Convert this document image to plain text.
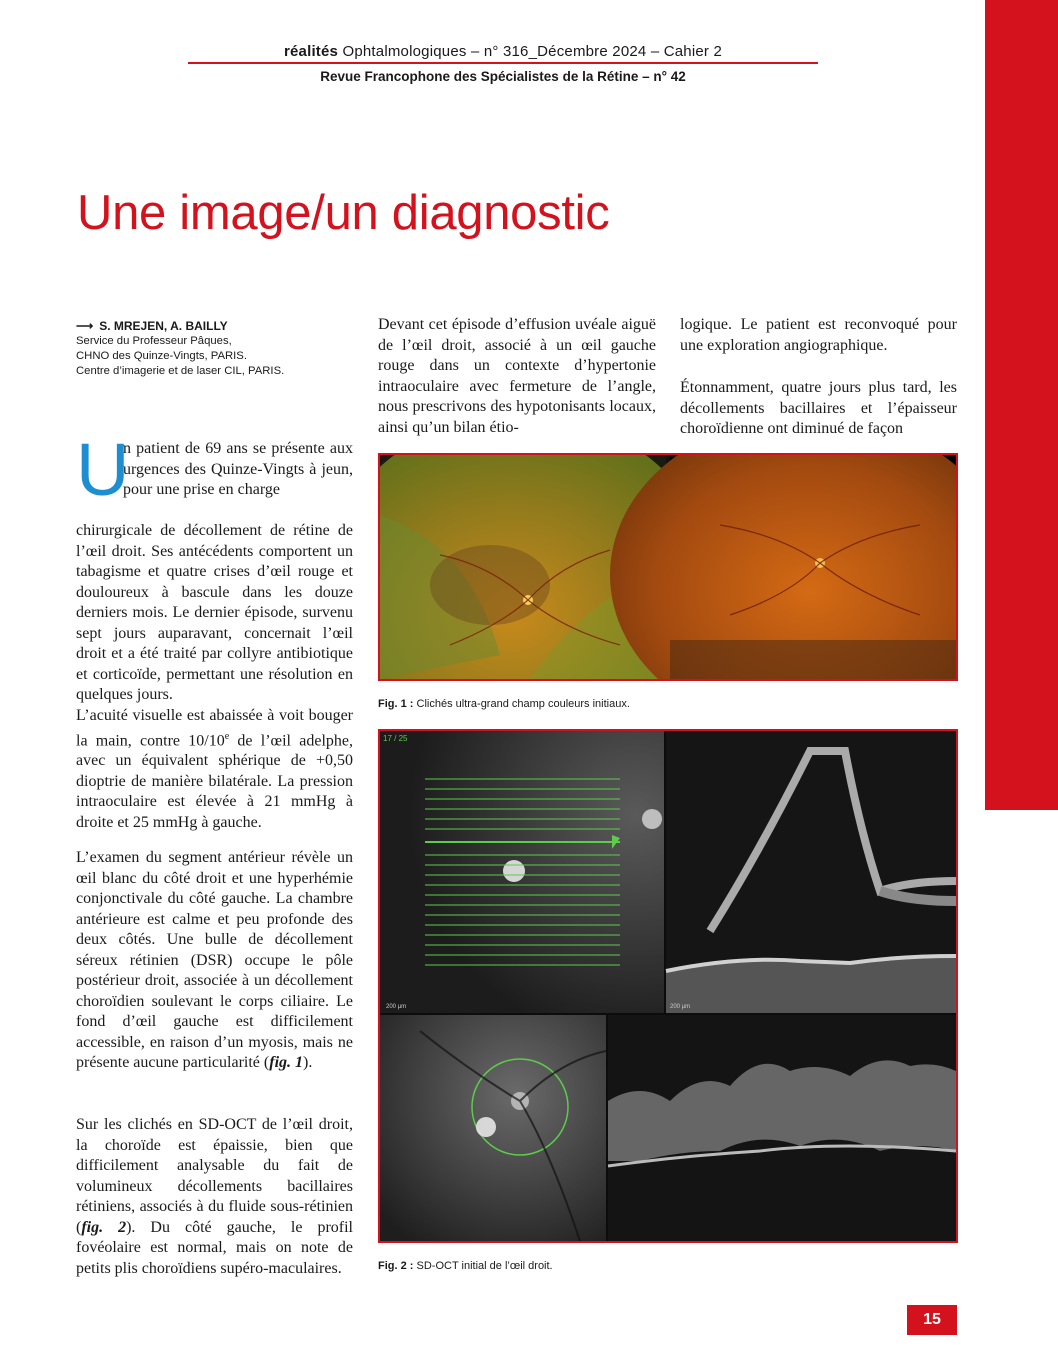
réalités Ophtalmologiques – n° 316_Décembre 2024 – Cahier 2
Revue Francophone des Spécialistes de la Rétine – n° 42
Une image/un diagnostic
⟶ S. MREJEN, A. BAILLY
Service du Professeur Pâques,
CHNO des Quinze-Vingts, PARIS.
Centre d’imagerie et de laser CIL, PARIS.
U
n patient de 69 ans se présente aux urgences des Quinze-Vingts à jeun, pour une prise en charge
chirurgicale de décollement de rétine de l’œil droit. Ses antécédents comportent un tabagisme et quatre crises d’œil rouge et douloureux à bascule dans les douze derniers mois. Le dernier épisode, survenu sept jours auparavant, concernait l’œil droit et a été traité par collyre antibiotique et corticoïde, permettant une résolution en quelques jours.
L’acuité visuelle est abaissée à voit bouger la main, contre 10/10e de l’œil adelphe, avec un équivalent sphérique de +0,50 dioptrie de manière bilatérale. La pression intraoculaire est élevée à 21 mmHg à droite et 25 mmHg à gauche.
L’examen du segment antérieur révèle un œil blanc du côté droit et une hyperhémie conjonctivale du côté gauche. La chambre antérieure est calme et peu profonde des deux côtés. Une bulle de décollement séreux rétinien (DSR) occupe le pôle postérieur droit, associée à un décollement choroïdien soulevant le corps ciliaire. Le fond d’œil gauche est difficilement accessible, en raison d’un myosis, mais ne présente aucune particularité (fig. 1).
Sur les clichés en SD-OCT de l’œil droit, la choroïde est épaissie, bien que difficilement analysable du fait de volumineux décollements bacillaires rétiniens, associés à du fluide sous-rétinien (fig. 2). Du côté gauche, le profil fovéolaire est normal, mais on note de petits plis choroïdiens supéro-maculaires.
Devant cet épisode d’effusion uvéale aiguë de l’œil droit, associé à un œil gauche rouge dans un contexte d’hypertonie intraoculaire avec fermeture de l’angle, nous prescrivons des hypotonisants locaux, ainsi qu’un bilan étio-
logique. Le patient est reconvoqué pour une exploration angiographique.
Étonnamment, quatre jours plus tard, les décollements bacillaires et l’épaisseur choroïdienne ont diminué de façon
Fig. 1 : Clichés ultra-grand champ couleurs initiaux.
17 / 25
200 µm	200 µm
Fig. 2 : SD-OCT initial de l’œil droit.
15
